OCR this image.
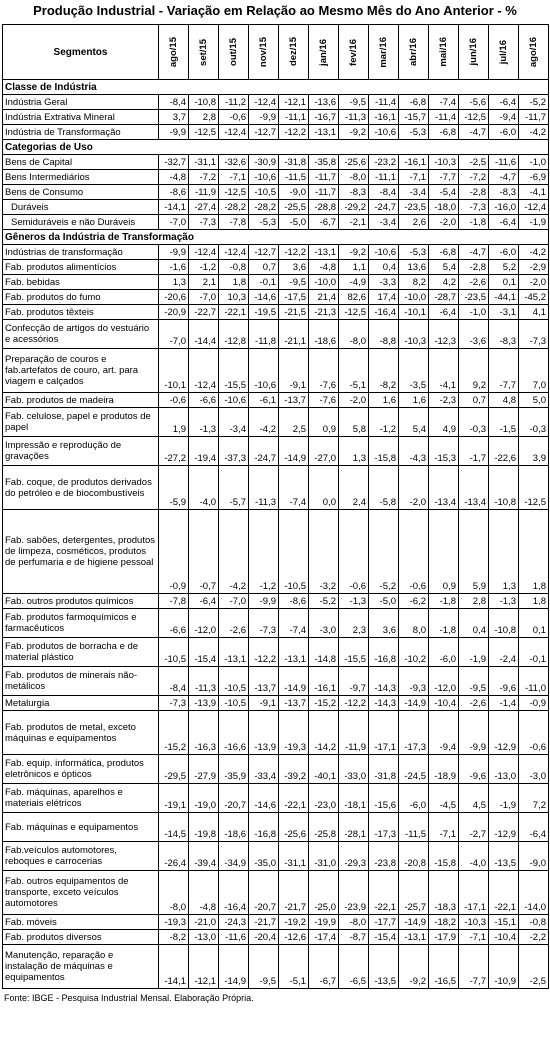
Produção Industrial - Variação em Relação ao Mesmo Mês do Ano Anterior - %
Segmentos	ago/15	set/15	out/15	nov/15	dez/15	jan/16	fev/16	mar/16	abr/16	mai/16	jun/16	jul/16	ago/16

Classe de Indústria													
Indústria Geral	-8,4	-10,8	-11,2	-12,4	-12,1	-13,6	-9,5	-11,4	-6,8	-7,4	-5,6	-6,4	-5,2
Indústria Extrativa Mineral	3,7	2,8	-0,6	-9,9	-11,1	-16,7	-11,3	-16,1	-15,7	-11,4	-12,5	-9,4	-11,7
Indústria de Transformação	-9,9	-12,5	-12,4	-12,7	-12,2	-13,1	-9,2	-10,6	-5,3	-6,8	-4,7	-6,0	-4,2
Categorias de Uso													
Bens de Capital	-32,7	-31,1	-32,6	-30,9	-31,8	-35,8	-25,6	-23,2	-16,1	-10,3	-2,5	-11,6	-1,0
Bens Intermediários	-4,8	-7,2	-7,1	-10,6	-11,5	-11,7	-8,0	-11,1	-7,1	-7,7	-7,2	-4,7	-6,9
Bens de Consumo	-8,6	-11,9	-12,5	-10,5	-9,0	-11,7	-8,3	-8,4	-3,4	-5,4	-2,8	-8,3	-4,1
Duráveis	-14,1	-27,4	-28,2	-28,2	-25,5	-28,8	-29,2	-24,7	-23,5	-18,0	-7,3	-16,0	-12,4
Semiduráveis e não Duráveis	-7,0	-7,3	-7,8	-5,3	-5,0	-6,7	-2,1	-3,4	2,6	-2,0	-1,8	-6,4	-1,9
Gêneros da Indústria de Transformação													
Indústrias de transformação	-9,9	-12,4	-12,4	-12,7	-12,2	-13,1	-9,2	-10,6	-5,3	-6,8	-4,7	-6,0	-4,2
Fab. produtos alimentícios	-1,6	-1,2	-0,8	0,7	3,6	-4,8	1,1	0,4	13,6	5,4	-2,8	5,2	-2,9
Fab. bebidas	1,3	2,1	1,8	-0,1	-9,5	-10,0	-4,9	-3,3	8,2	4,2	-2,6	0,1	-2,0
Fab. produtos do fumo	-20,6	-7,0	10,3	-14,6	-17,5	21,4	82,6	17,4	-10,0	-28,7	-23,5	-44,1	-45,2
Fab. produtos têxteis	-20,9	-22,7	-22,1	-19,5	-21,5	-21,3	-12,5	-16,4	-10,1	-6,4	-1,0	-3,1	4,1
Confecção de artigos do vestuário e acessórios	-7,0	-14,4	-12,8	-11,8	-21,1	-18,6	-8,0	-8,8	-10,3	-12,3	-3,6	-8,3	-7,3
Preparação de couros e fab.artefatos de couro, art. para viagem e calçados	-10,1	-12,4	-15,5	-10,6	-9,1	-7,6	-5,1	-8,2	-3,5	-4,1	9,2	-7,7	7,0
Fab. produtos de madeira	-0,6	-6,6	-10,6	-6,1	-13,7	-7,6	-2,0	1,6	1,6	-2,3	0,7	4,8	5,0
Fab. celulose, papel e produtos de papel	1,9	-1,3	-3,4	-4,2	2,5	0,9	5,8	-1,2	5,4	4,9	-0,3	-1,5	-0,3
Impressão e reprodução de gravações	-27,2	-19,4	-37,3	-24,7	-14,9	-27,0	1,3	-15,8	-4,3	-15,3	-1,7	-22,6	3,9
Fab. coque, de produtos derivados do petróleo e de biocombustíveis	-5,9	-4,0	-5,7	-11,3	-7,4	0,0	2,4	-5,8	-2,0	-13,4	-13,4	-10,8	-12,5
Fab. sabões, detergentes, produtos de limpeza, cosméticos, produtos de perfumaria e de higiene pessoal	-0,9	-0,7	-4,2	-1,2	-10,5	-3,2	-0,6	-5,2	-0,6	0,9	5,9	1,3	1,8
Fab. outros produtos químicos	-7,8	-6,4	-7,0	-9,9	-8,6	-5,2	-1,3	-5,0	-6,2	-1,8	2,8	-1,3	1,8
Fab. produtos farmoquímicos e farmacêuticos	-6,6	-12,0	-2,6	-7,3	-7,4	-3,0	2,3	3,6	8,0	-1,8	0,4	-10,8	0,1
Fab. produtos de borracha e de material plástico	-10,5	-15,4	-13,1	-12,2	-13,1	-14,8	-15,5	-16,8	-10,2	-6,0	-1,9	-2,4	-0,1
Fab. produtos de minerais não-metálicos	-8,4	-11,3	-10,5	-13,7	-14,9	-16,1	-9,7	-14,3	-9,3	-12,0	-9,5	-9,6	-11,0
Metalurgia	-7,3	-13,9	-10,5	-9,1	-13,7	-15,2	-12,2	-14,3	-14,9	-10,4	-2,6	-1,4	-0,9
Fab. produtos de metal, exceto máquinas e equipamentos	-15,2	-16,3	-16,6	-13,9	-19,3	-14,2	-11,9	-17,1	-17,3	-9,4	-9,9	-12,9	-0,6
Fab. equip. informática, produtos eletrônicos e ópticos	-29,5	-27,9	-35,9	-33,4	-39,2	-40,1	-33,0	-31,8	-24,5	-18,9	-9,6	-13,0	-3,0
Fab. máquinas, aparelhos e materiais elétricos	-19,1	-19,0	-20,7	-14,6	-22,1	-23,0	-18,1	-15,6	-6,0	-4,5	4,5	-1,9	7,2
Fab. máquinas e equipamentos	-14,5	-19,8	-18,6	-16,8	-25,6	-25,8	-28,1	-17,3	-11,5	-7,1	-2,7	-12,9	-6,4
Fab.veículos automotores, reboques e carrocerias	-26,4	-39,4	-34,9	-35,0	-31,1	-31,0	-29,3	-23,8	-20,8	-15,8	-4,0	-13,5	-9,0
Fab. outros equipamentos de transporte, exceto veículos automotores	-8,0	-4,8	-16,4	-20,7	-21,7	-25,0	-23,9	-22,1	-25,7	-18,3	-17,1	-22,1	-14,0
Fab. móveis	-19,3	-21,0	-24,3	-21,7	-19,2	-19,9	-8,0	-17,7	-14,9	-18,2	-10,3	-15,1	-0,8
Fab. produtos diversos	-8,2	-13,0	-11,6	-20,4	-12,6	-17,4	-8,7	-15,4	-13,1	-17,9	-7,1	-10,4	-2,2
Manutenção, reparação e instalação de máquinas e equipamentos	-14,1	-12,1	-14,9	-9,5	-5,1	-6,7	-6,5	-13,5	-9,2	-16,5	-7,7	-10,9	-2,5
Fonte: IBGE - Pesquisa Industrial Mensal. Elaboração Própria.
